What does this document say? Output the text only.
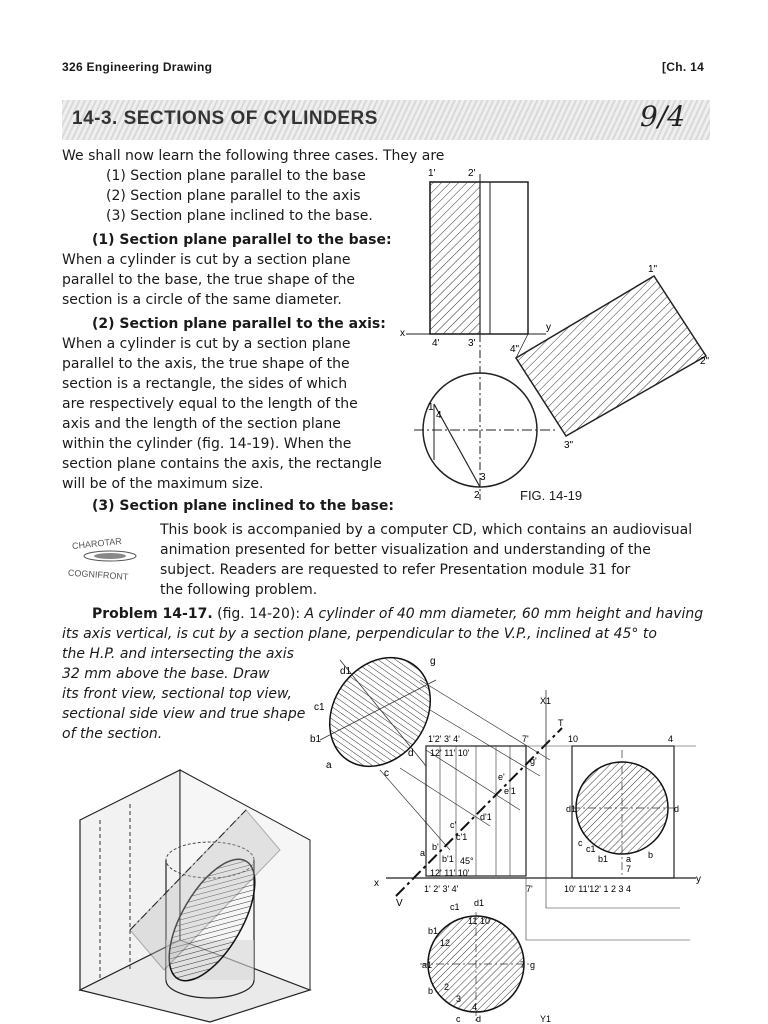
326 Engineering Drawing	[Ch. 14
14-3. SECTIONS OF CYLINDERS	9/4
We shall now learn the following three cases. They are
(1) Section plane parallel to the base
(2) Section plane parallel to the axis
(3) Section plane inclined to the base.
(1) Section plane parallel to the base:
When a cylinder is cut by a section plane
parallel to the base, the true shape of the
section is a circle of the same diameter.
(2) Section plane parallel to the axis:
When a cylinder is cut by a section plane
parallel to the axis, the true shape of the
section is a rectangle, the sides of which
are respectively equal to the length of the
axis and the length of the section plane
within the cylinder (fig. 14-19). When the
section plane contains the axis, the rectangle
will be of the maximum size.
(3) Section plane inclined to the base:
1'	2'
x
4'	3'
y
4"
1"
2"
3"
1
4
3
2	FIG. 14-19
CHAROTAR
COGNIFRONT
This book is accompanied by a computer CD, which contains an audiovisual
animation presented for better visualization and understanding of the
subject. Readers are requested to refer Presentation module 31 for
the following problem.
Problem 14-17. (fig. 14-20): A cylinder of 40 mm diameter, 60 mm height and having
its axis vertical, is cut by a section plane, perpendicular to the V.P., inclined at 45° to
the H.P. and intersecting the axis
32 mm above the base. Draw
its front view, sectional top view,
sectional side view and true shape
of the section.
d1
g
c1
b1
a
c
d
1'2' 3' 4'
12' 11' 10'
7'	10	4
X1
T
g'
e'
e'1
d'1
c'
c'1
b'
b'1
a'
45°
12' 11' 10'
x
V
1' 2' 3' 4'	7'	10' 11'12' 1 2 3 4
y
d1	d
c
c1
b1 a b
7
c1 d1
11 10
b1
12
a1	7 g
b 2
3
4
c d	Y1
